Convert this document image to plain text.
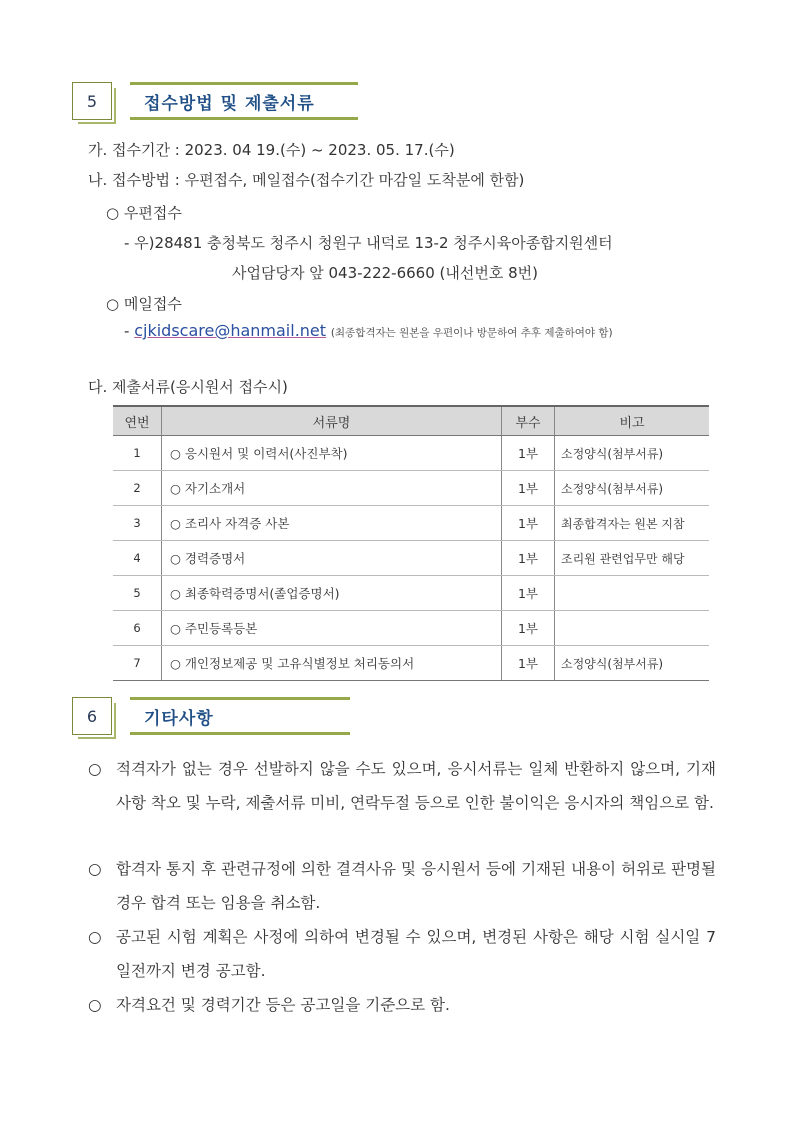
5	접수방법 및 제출서류
가. 접수기간 : 2023. 04 19.(수) ~ 2023. 05. 17.(수)
나. 접수방법 : 우편접수, 메일접수(접수기간 마감일 도착분에 한함)
○ 우편접수
- 우)28481 충청북도 청주시 청원구 내덕로 13-2 청주시육아종합지원센터
사업담당자 앞 043-222-6660 (내선번호 8번)
○ 메일접수
- cjkidscare@hanmail.net (최종합격자는 원본을 우편이나 방문하여 추후 제출하여야 함)
다. 제출서류(응시원서 접수시)
연번	서류명	부수	비고
1	○ 응시원서 및 이력서(사진부착)	1부	소정양식(첨부서류)
2	○ 자기소개서	1부	소정양식(첨부서류)
3	○ 조리사 자격증 사본	1부	최종합격자는 원본 지참
4	○ 경력증명서	1부	조리원 관련업무만 해당
5	○ 최종학력증명서(졸업증명서)	1부	
6	○ 주민등록등본	1부	
7	○ 개인정보제공 및 고유식별정보 처리동의서	1부	소정양식(첨부서류)
6	기타사항
○ 적격자가 없는 경우 선발하지 않을 수도 있으며, 응시서류는 일체 반환하지 않으며, 기재사항 착오 및 누락, 제출서류 미비, 연락두절 등으로 인한 불이익은 응시자의 책임으로 함.
○ 합격자 통지 후 관련규정에 의한 결격사유 및 응시원서 등에 기재된 내용이 허위로 판명될 경우 합격 또는 임용을 취소함.
○ 공고된 시험 계획은 사정에 의하여 변경될 수 있으며, 변경된 사항은 해당 시험 실시일 7일전까지 변경 공고함.
○ 자격요건 및 경력기간 등은 공고일을 기준으로 함.
